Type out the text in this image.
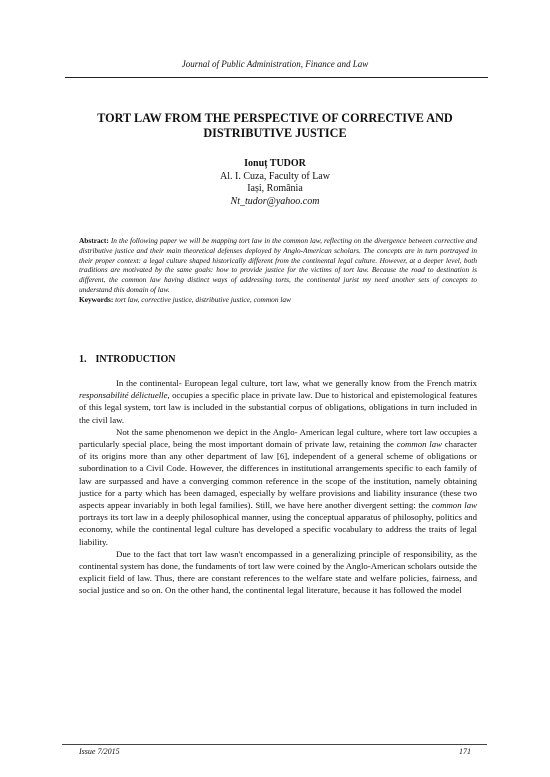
Journal of Public Administration, Finance and Law
TORT LAW FROM THE PERSPECTIVE OF CORRECTIVE AND
DISTRIBUTIVE JUSTICE
Ionuț TUDOR
Al. I. Cuza, Faculty of Law
Iași, România
Nt_tudor@yahoo.com
Abstract: In the following paper we will be mapping tort law in the common law, reflecting on the divergence between corrective and distributive justice and their main theoretical defenses deployed by Anglo-American scholars. The concepts are in turn portrayed in their proper context: a legal culture shaped historically different from the continental legal culture. However, at a deeper level, both traditions are motivated by the same goals: how to provide justice for the victims of tort law. Because the road to destination is different, the common law having distinct ways of addressing torts, the continental jurist my need another sets of concepts to understand this domain of law.
Keywords: tort law, corrective justice, distributive justice, common law
1. INTRODUCTION

In the continental- European legal culture, tort law, what we generally know from the French matrix responsabilité délictuelle, occupies a specific place in private law. Due to historical and epistemological features of this legal system, tort law is included in the substantial corpus of obligations, obligations in turn included in the civil law.

Not the same phenomenon we depict in the Anglo- American legal culture, where tort law occupies a particularly special place, being the most important domain of private law, retaining the common law character of its origins more than any other department of law [6], independent of a general scheme of obligations or subordination to a Civil Code. However, the differences in institutional arrangements specific to each family of law are surpassed and have a converging common reference in the scope of the institution, namely obtaining justice for a party which has been damaged, especially by welfare provisions and liability insurance (these two aspects appear invariably in both legal families). Still, we have here another divergent setting: the common law portrays its tort law in a deeply philosophical manner, using the conceptual apparatus of philosophy, politics and economy, while the continental legal culture has developed a specific vocabulary to address the traits of legal liability.

Due to the fact that tort law wasn't encompassed in a generalizing principle of responsibility, as the continental system has done, the fundaments of tort law were coined by the Anglo-American scholars outside the explicit field of law. Thus, there are constant references to the welfare state and welfare policies, fairness, and social justice and so on. On the other hand, the continental legal literature, because it has followed the model

Issue 7/2015	171
